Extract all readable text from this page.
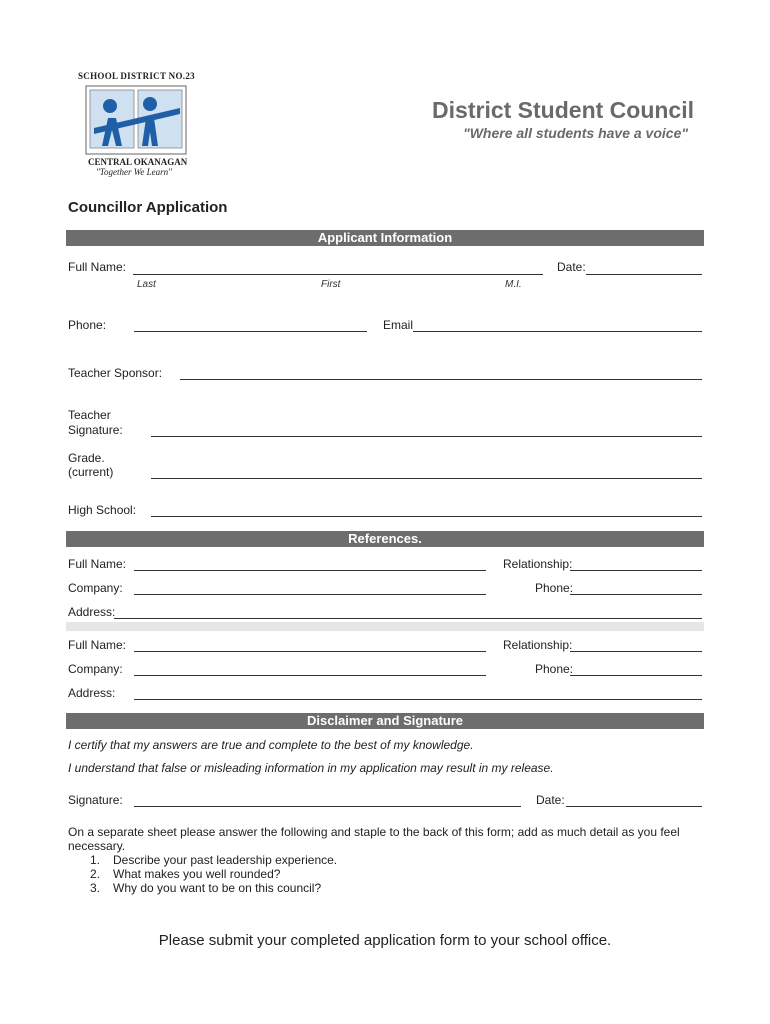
SCHOOL DISTRICT NO.23
CENTRAL OKANAGAN
"Together We Learn"
District Student Council
"Where all students have a voice"
Councillor Application
Applicant Information
Full Name:	Date:
Last	First	M.I.
Phone:	Email
Teacher Sponsor:
Teacher
Signature:
Grade.
(current)
High School:
References.
Full Name:	Relationship:
Company:	Phone:
Address:
Full Name:	Relationship:
Company:	Phone:
Address:
Disclaimer and Signature
I certify that my answers are true and complete to the best of my knowledge.
I understand that false or misleading information in my application may result in my release.
Signature:	Date:
On a separate sheet please answer the following and staple to the back of this form; add as much detail as you feel
necessary.
1. Describe your past leadership experience.
2. What makes you well rounded?
3. Why do you want to be on this council?
Please submit your completed application form to your school office.
